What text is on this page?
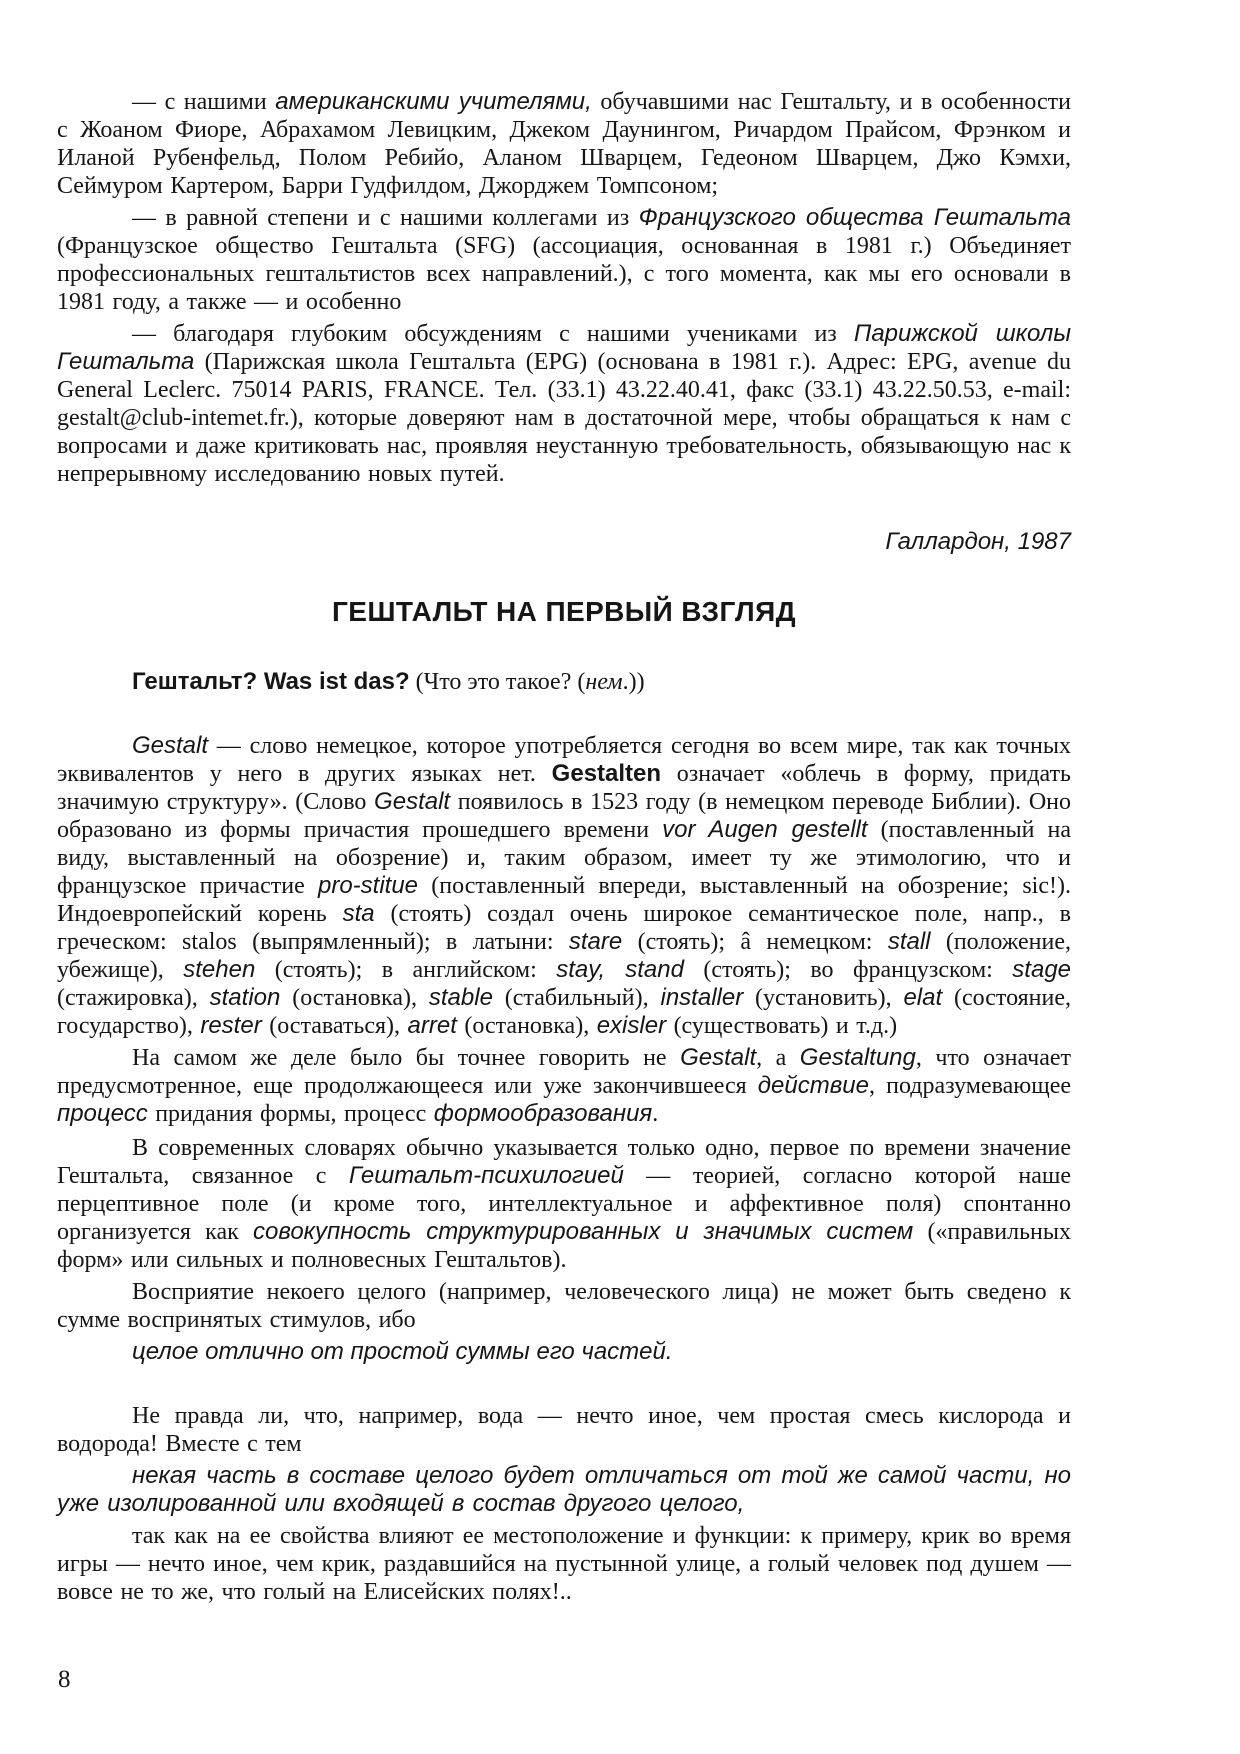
— с нашими американскими учителями, обучавшими нас Гештальту, и в особенности с Жоаном Фиоре, Абрахамом Левицким, Джеком Даунингом, Ричардом Прайсом, Фрэнком и Иланой Рубенфельд, Полом Ребийо, Аланом Шварцем, Гедеоном Шварцем, Джо Кэмхи, Сеймуром Картером, Барри Гудфилдом, Джорджем Томпсоном;
— в равной степени и с нашими коллегами из Французского общества Гештальта (Французское общество Гештальта (SFG) (ассоциация, основанная в 1981 г.) Объединяет профессиональных гештальтистов всех направлений.), с того момента, как мы его основали в 1981 году, а также — и особенно
— благодаря глубоким обсуждениям с нашими учениками из Парижской школы Гештальта (Парижская школа Гештальта (EPG) (основана в 1981 г.). Адрес: EPG, avenue du General Leclerc. 75014 PARIS, FRANCE. Тел. (33.1) 43.22.40.41, факс (33.1) 43.22.50.53, e-mail: gestalt@club-intemet.fr.), которые доверяют нам в достаточной мере, чтобы обращаться к нам с вопросами и даже критиковать нас, проявляя неустанную требовательность, обязывающую нас к непрерывному исследованию новых путей.
Галлардон, 1987
ГЕШТАЛЬТ НА ПЕРВЫЙ ВЗГЛЯД
Гештальт? Was ist das? (Что это такое? (нем.))
Gestalt — слово немецкое, которое употребляется сегодня во всем мире, так как точных эквивалентов у него в других языках нет. Gestalten означает «облечь в форму, придать значимую структуру». (Слово Gestalt появилось в 1523 году (в немецком переводе Библии). Оно образовано из формы причастия прошедшего времени vor Augen gestellt (поставленный на виду, выставленный на обозрение) и, таким образом, имеет ту же этимологию, что и французское причастие pro-stitue (поставленный впереди, выставленный на обозрение; sic!). Индоевропейский корень sta (стоять) создал очень широкое семантическое поле, напр., в греческом: stalos (выпрямленный); в латыни: stare (стоять); â немецком: stall (положение, убежище), stehen (стоять); в английском: stay, stand (стоять); во французском: stage (стажировка), station (остановка), stable (стабильный), installer (установить), elat (состояние, государство), rester (оставаться), arret (остановка), exisler (существовать) и т.д.)
На самом же деле было бы точнее говорить не Gestalt, а Gestaltung, что означает предусмотренное, еще продолжающееся или уже закончившееся действие, подразумевающее процесс придания формы, процесс формообразования.
В современных словарях обычно указывается только одно, первое по времени значение Гештальта, связанное с Гештальт-психилогией — теорией, согласно которой наше перцептивное поле (и кроме того, интеллектуальное и аффективное поля) спонтанно организуется как совокупность структурированных и значимых систем («правильных форм» или сильных и полновесных Гештальтов).
Восприятие некоего целого (например, человеческого лица) не может быть сведено к сумме воспринятых стимулов, ибо
целое отлично от простой суммы его частей.
Не правда ли, что, например, вода — нечто иное, чем простая смесь кислорода и водорода! Вместе с тем
некая часть в составе целого будет отличаться от той же самой части, но уже изолированной или входящей в состав другого целого,
так как на ее свойства влияют ее местоположение и функции: к примеру, крик во время игры — нечто иное, чем крик, раздавшийся на пустынной улице, а голый человек под душем — вовсе не то же, что голый на Елисейских полях!..
8
